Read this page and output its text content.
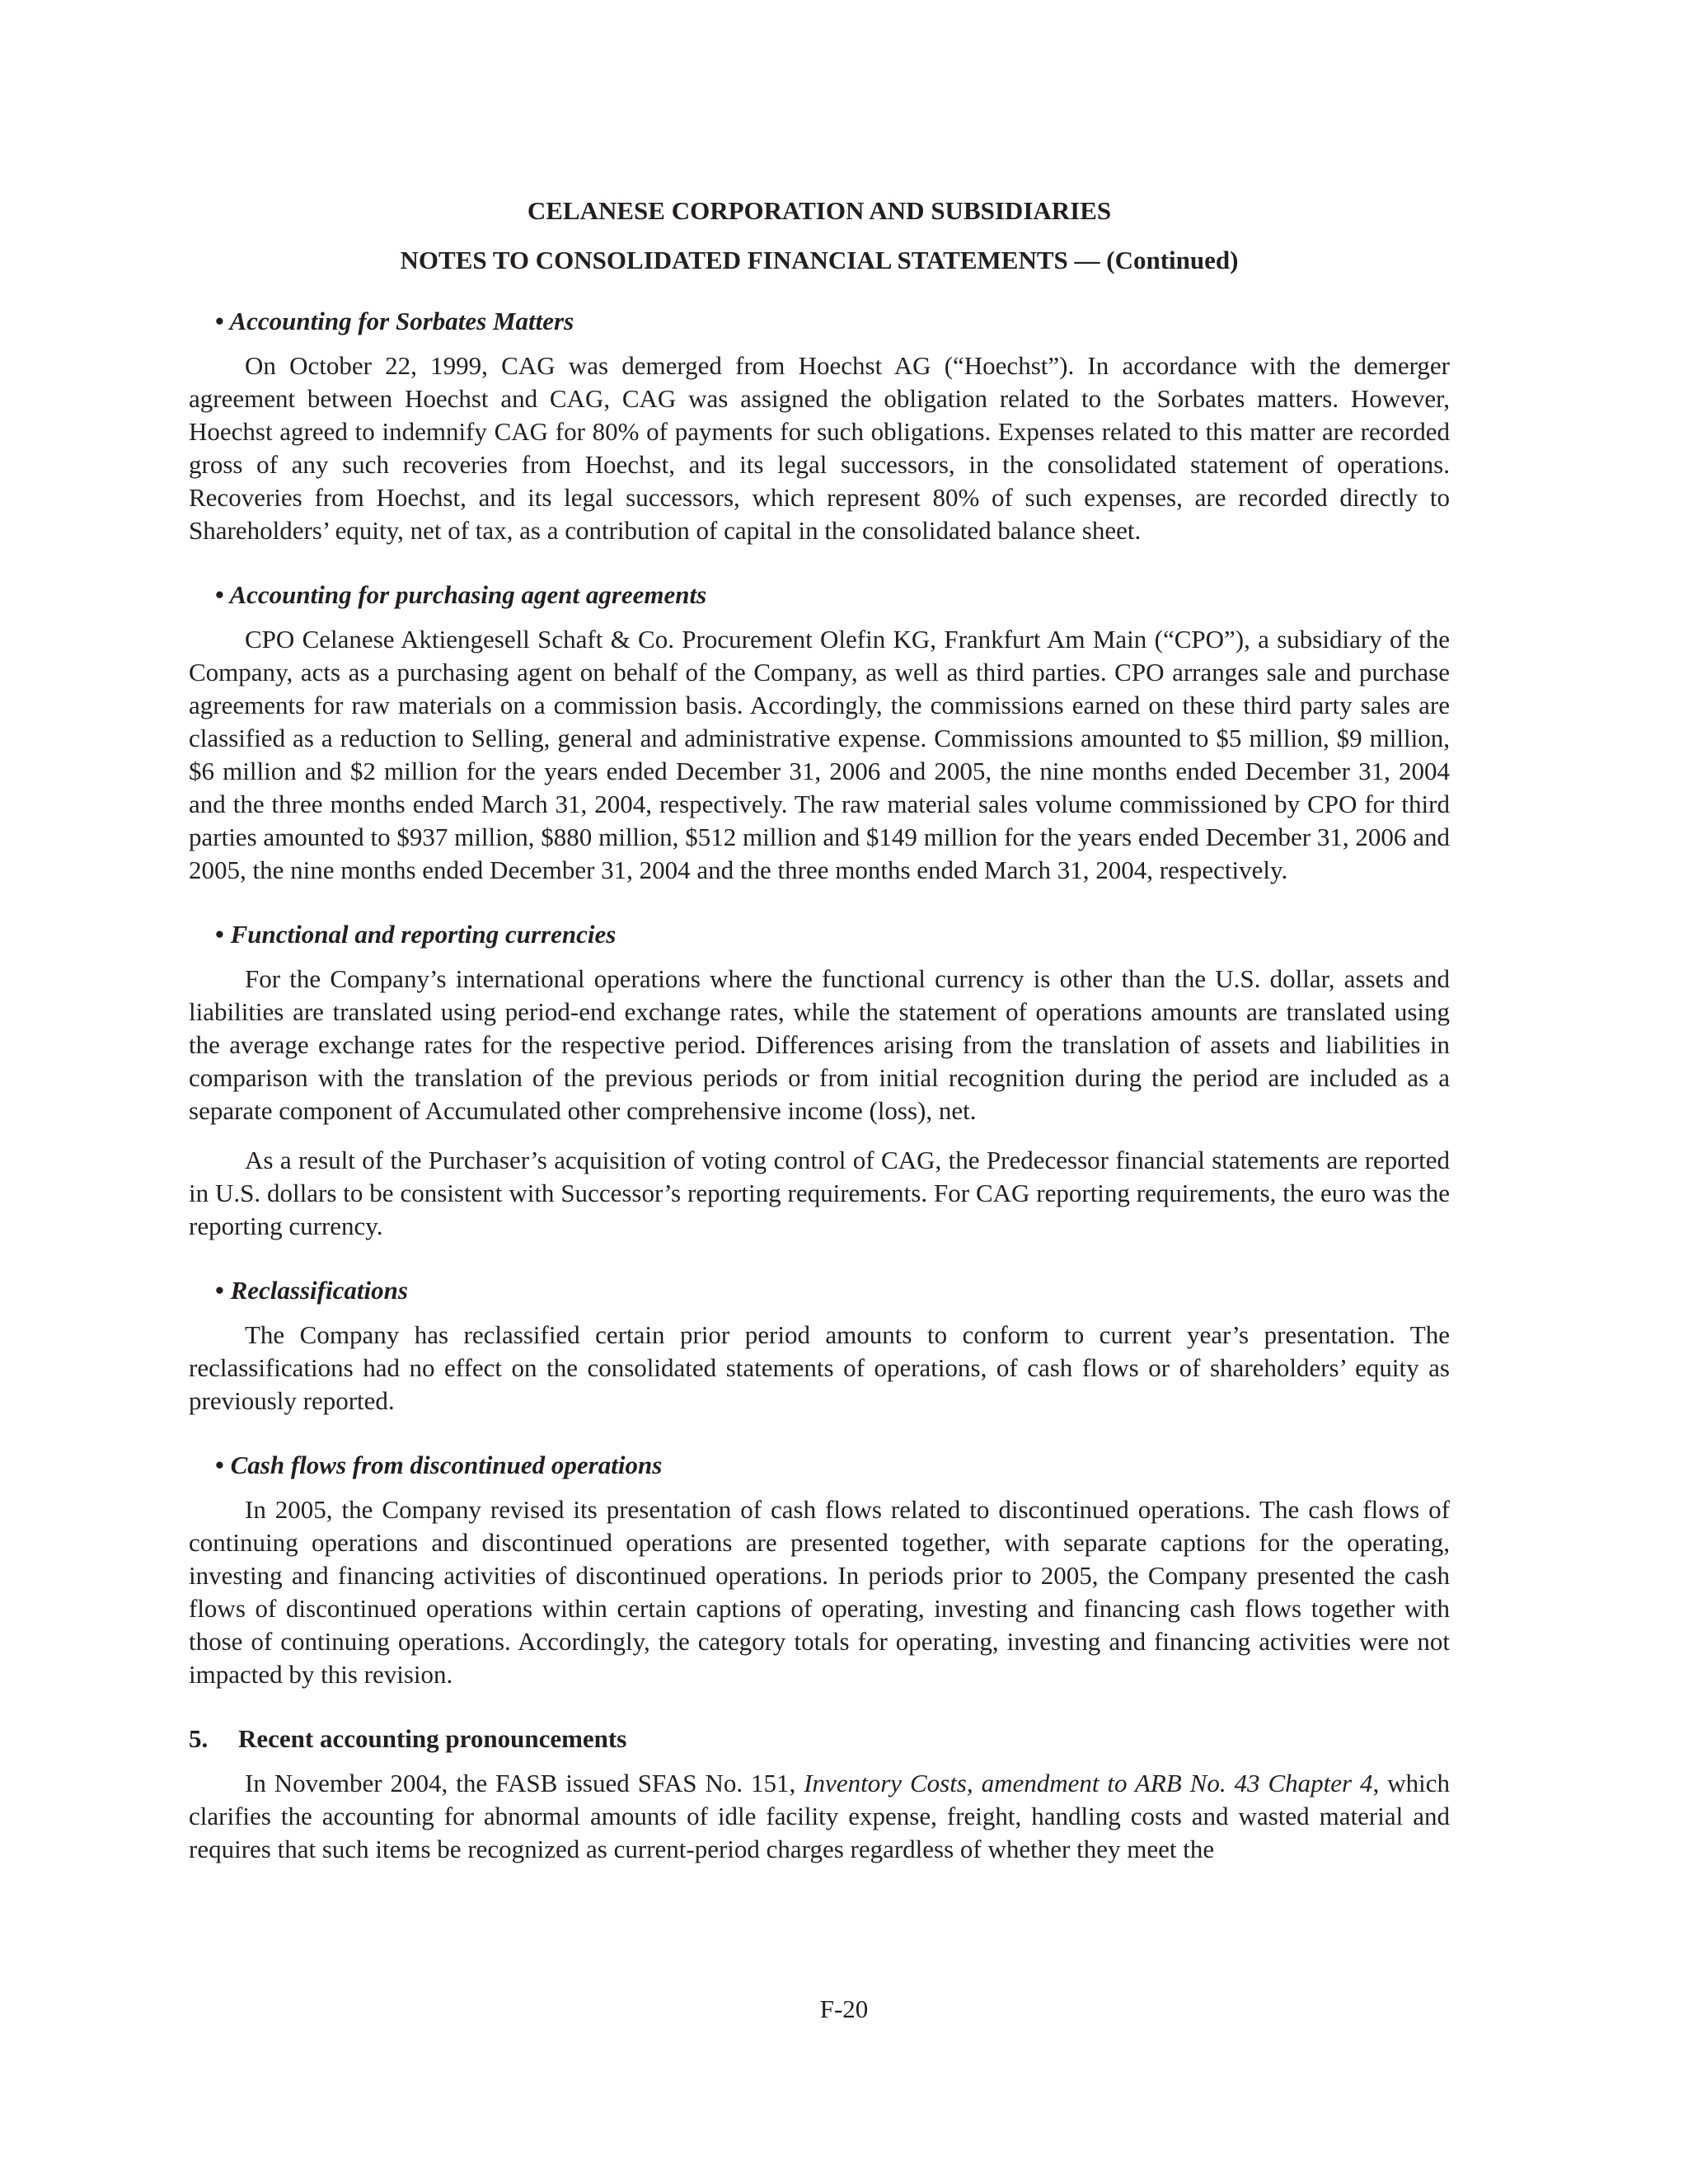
CELANESE CORPORATION AND SUBSIDIARIES
NOTES TO CONSOLIDATED FINANCIAL STATEMENTS — (Continued)
• Accounting for Sorbates Matters

On October 22, 1999, CAG was demerged from Hoechst AG (“Hoechst”). In accordance with the demerger agreement between Hoechst and CAG, CAG was assigned the obligation related to the Sorbates matters. However, Hoechst agreed to indemnify CAG for 80% of payments for such obligations. Expenses related to this matter are recorded gross of any such recoveries from Hoechst, and its legal successors, in the consolidated statement of operations. Recoveries from Hoechst, and its legal successors, which represent 80% of such expenses, are recorded directly to Shareholders’ equity, net of tax, as a contribution of capital in the consolidated balance sheet.

• Accounting for purchasing agent agreements

CPO Celanese Aktiengesell Schaft & Co. Procurement Olefin KG, Frankfurt Am Main (“CPO”), a subsidiary of the Company, acts as a purchasing agent on behalf of the Company, as well as third parties. CPO arranges sale and purchase agreements for raw materials on a commission basis. Accordingly, the commissions earned on these third party sales are classified as a reduction to Selling, general and administrative expense. Commissions amounted to $5 million, $9 million, $6 million and $2 million for the years ended December 31, 2006 and 2005, the nine months ended December 31, 2004 and the three months ended March 31, 2004, respectively. The raw material sales volume commissioned by CPO for third parties amounted to $937 million, $880 million, $512 million and $149 million for the years ended December 31, 2006 and 2005, the nine months ended December 31, 2004 and the three months ended March 31, 2004, respectively.

• Functional and reporting currencies

For the Company’s international operations where the functional currency is other than the U.S. dollar, assets and liabilities are translated using period-end exchange rates, while the statement of operations amounts are translated using the average exchange rates for the respective period. Differences arising from the translation of assets and liabilities in comparison with the translation of the previous periods or from initial recognition during the period are included as a separate component of Accumulated other comprehensive income (loss), net.

As a result of the Purchaser’s acquisition of voting control of CAG, the Predecessor financial statements are reported in U.S. dollars to be consistent with Successor’s reporting requirements. For CAG reporting requirements, the euro was the reporting currency.

• Reclassifications

The Company has reclassified certain prior period amounts to conform to current year’s presentation. The reclassifications had no effect on the consolidated statements of operations, of cash flows or of shareholders’ equity as previously reported.

• Cash flows from discontinued operations

In 2005, the Company revised its presentation of cash flows related to discontinued operations. The cash flows of continuing operations and discontinued operations are presented together, with separate captions for the operating, investing and financing activities of discontinued operations. In periods prior to 2005, the Company presented the cash flows of discontinued operations within certain captions of operating, investing and financing cash flows together with those of continuing operations. Accordingly, the category totals for operating, investing and financing activities were not impacted by this revision.

5. Recent accounting pronouncements

In November 2004, the FASB issued SFAS No. 151, Inventory Costs, amendment to ARB No. 43 Chapter 4, which clarifies the accounting for abnormal amounts of idle facility expense, freight, handling costs and wasted material and requires that such items be recognized as current-period charges regardless of whether they meet the

F-20
